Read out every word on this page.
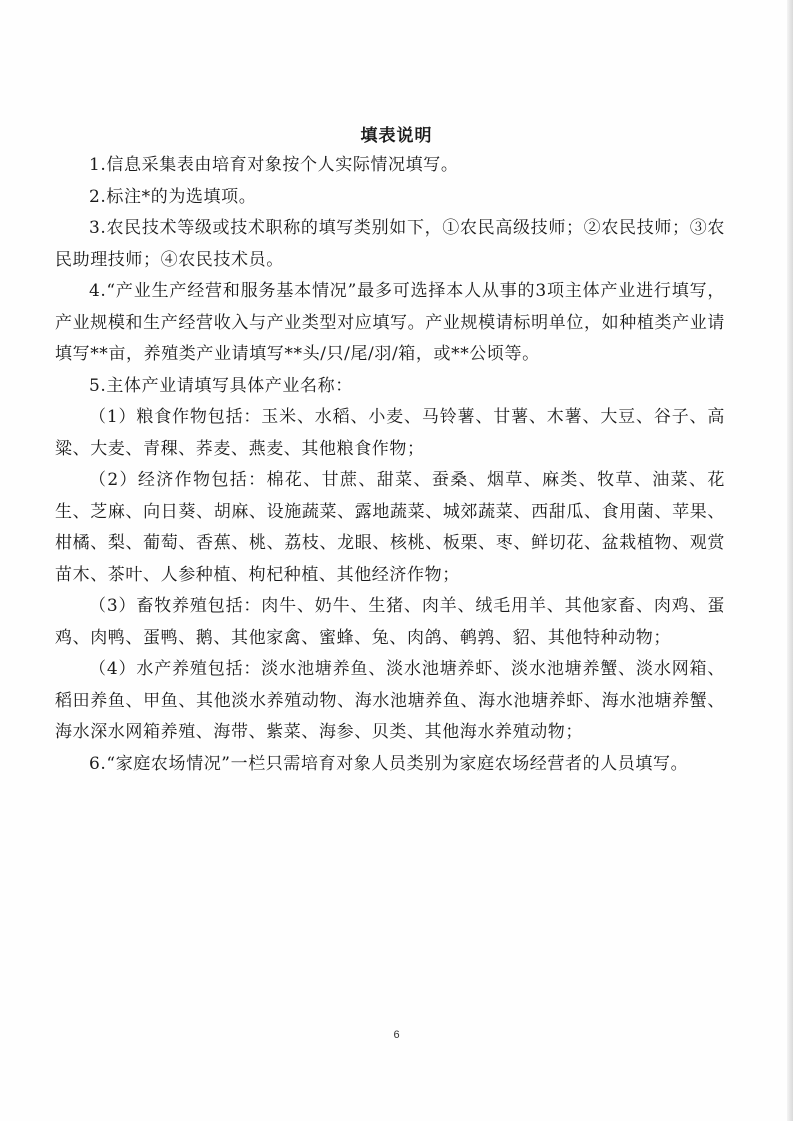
填表说明

1.信息采集表由培育对象按个人实际情况填写。

2.标注*的为选填项。

3.农民技术等级或技术职称的填写类别如下，①农民高级技师；②农民技师；③农民助理技师；④农民技术员。

4.“产业生产经营和服务基本情况”最多可选择本人从事的3项主体产业进行填写，产业规模和生产经营收入与产业类型对应填写。产业规模请标明单位，如种植类产业请填写**亩，养殖类产业请填写**头/只/尾/羽/箱，或**公顷等。

5.主体产业请填写具体产业名称：

（1）粮食作物包括：玉米、水稻、小麦、马铃薯、甘薯、木薯、大豆、谷子、高粱、大麦、青稞、荞麦、燕麦、其他粮食作物；

（2）经济作物包括：棉花、甘蔗、甜菜、蚕桑、烟草、麻类、牧草、油菜、花生、芝麻、向日葵、胡麻、设施蔬菜、露地蔬菜、城郊蔬菜、西甜瓜、食用菌、苹果、柑橘、梨、葡萄、香蕉、桃、荔枝、龙眼、核桃、板栗、枣、鲜切花、盆栽植物、观赏苗木、茶叶、人参种植、枸杞种植、其他经济作物；

（3）畜牧养殖包括：肉牛、奶牛、生猪、肉羊、绒毛用羊、其他家畜、肉鸡、蛋鸡、肉鸭、蛋鸭、鹅、其他家禽、蜜蜂、兔、肉鸽、鹌鹑、貂、其他特种动物；

（4）水产养殖包括：淡水池塘养鱼、淡水池塘养虾、淡水池塘养蟹、淡水网箱、稻田养鱼、甲鱼、其他淡水养殖动物、海水池塘养鱼、海水池塘养虾、海水池塘养蟹、海水深水网箱养殖、海带、紫菜、海参、贝类、其他海水养殖动物；

6.“家庭农场情况”一栏只需培育对象人员类别为家庭农场经营者的人员填写。

6
